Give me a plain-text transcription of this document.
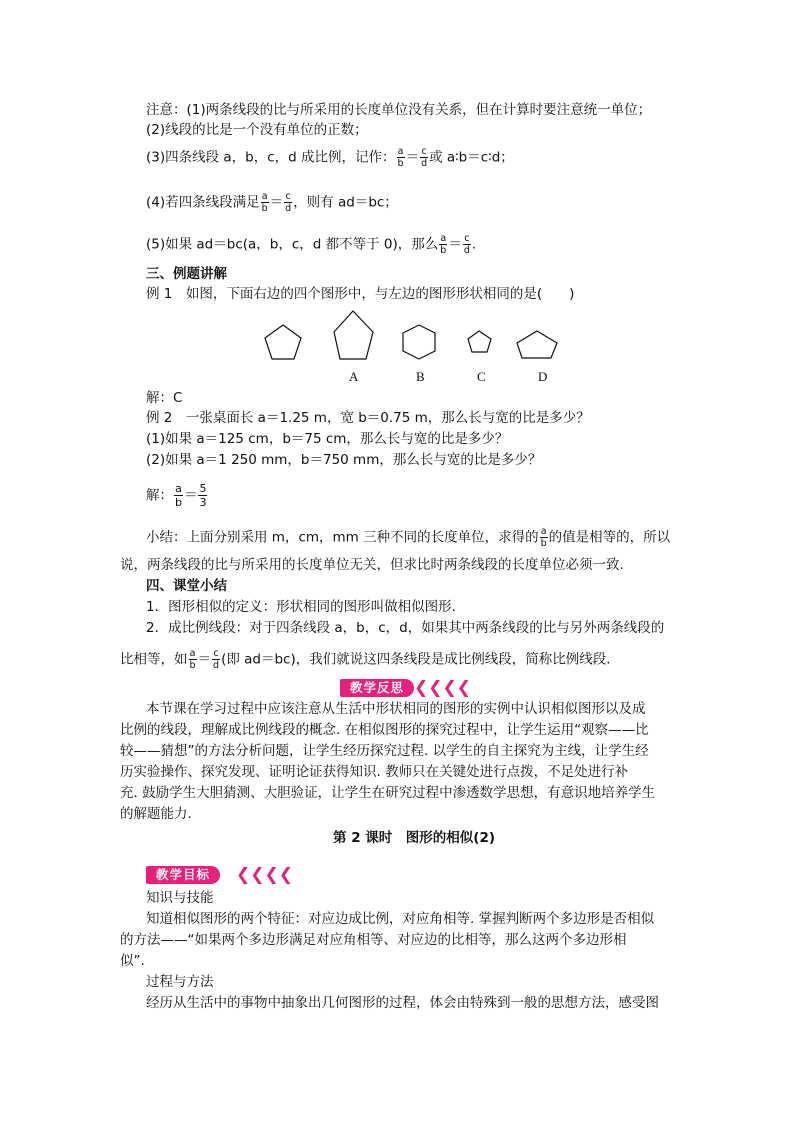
注意：(1)两条线段的比与所采用的长度单位没有关系，但在计算时要注意统一单位；
(2)线段的比是一个没有单位的正数；
(3)四条线段 a，b，c，d 成比例，记作： $\frac{a}{b} = \frac{c}{d}$ 或 a∶b＝c∶d；
(4)若四条线段满足 $\frac{a}{b} = \frac{c}{d}$ ，则有 ad＝bc；
(5)如果 ad＝bc(a，b，c，d 都不等于 0)，那么 $\frac{a}{b} = \frac{c}{d}$ .
三、例题讲解
例 1　如图，下面右边的四个图形中，与左边的图形形状相同的是(　　)
A	B	C	D
解：C
例 2　一张桌面长 a＝1.25 m，宽 b＝0.75 m，那么长与宽的比是多少？
(1)如果 a＝125 cm，b＝75 cm，那么长与宽的比是多少？
(2)如果 a＝1 250 mm，b＝750 mm，那么长与宽的比是多少？
解： $\frac{a}{b} = \frac{5}{3}$
小结：上面分别采用 m，cm，mm 三种不同的长度单位，求得的 $\frac{a}{b}$ 的值是相等的，所以
说，两条线段的比与所采用的长度单位无关，但求比时两条线段的长度单位必须一致.
四、课堂小结
1．图形相似的定义：形状相同的图形叫做相似图形.
2．成比例线段：对于四条线段 a，b，c，d，如果其中两条线段的比与另外两条线段的
比相等，如 $\frac{a}{b} = \frac{c}{d}$ (即 ad＝bc)，我们就说这四条线段是成比例线段，简称比例线段.
教学反思 ❮❮❮❮
本节课在学习过程中应该注意从生活中形状相同的图形的实例中认识相似图形以及成
比例的线段，理解成比例线段的概念. 在相似图形的探究过程中，让学生运用“观察——比
较——猜想”的方法分析问题，让学生经历探究过程. 以学生的自主探究为主线，让学生经
历实验操作、探究发现、证明论证获得知识. 教师只在关键处进行点拨，不足处进行补
充. 鼓励学生大胆猜测、大胆验证，让学生在研究过程中渗透数学思想，有意识地培养学生
的解题能力.
第 2 课时　图形的相似(2)
教学目标	❮❮❮❮
知识与技能
知道相似图形的两个特征：对应边成比例，对应角相等. 掌握判断两个多边形是否相似
的方法——“如果两个多边形满足对应角相等、对应边的比相等，那么这两个多边形相
似”.
过程与方法
经历从生活中的事物中抽象出几何图形的过程，体会由特殊到一般的思想方法，感受图
